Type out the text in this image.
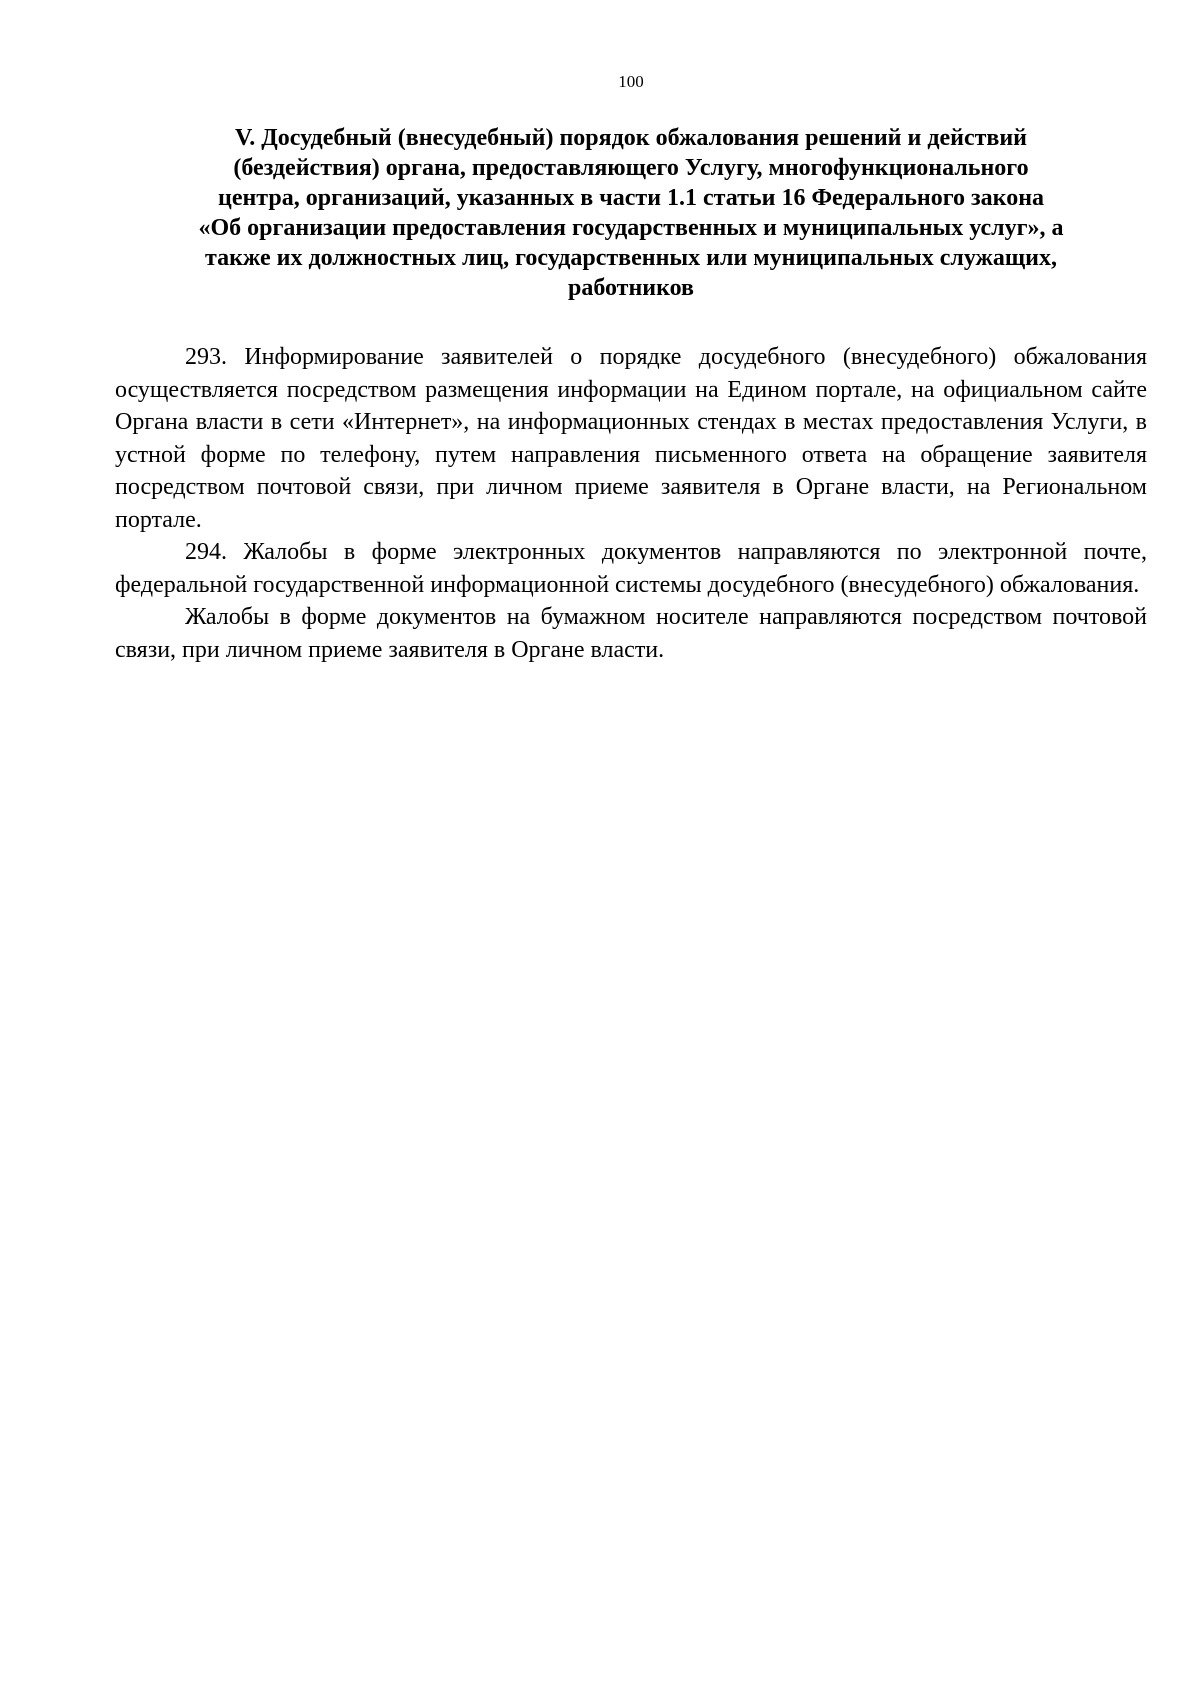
100
V. Досудебный (внесудебный) порядок обжалования решений и действий
(бездействия) органа, предоставляющего Услугу, многофункционального
центра, организаций, указанных в части 1.1 статьи 16 Федерального закона
«Об организации предоставления государственных и муниципальных услуг», а
также их должностных лиц, государственных или муниципальных служащих,
работников

293. Информирование заявителей о порядке досудебного (внесудебного) обжалования осуществляется посредством размещения информации на Едином портале, на официальном сайте Органа власти в сети «Интернет», на информационных стендах в местах предоставления Услуги, в устной форме по телефону, путем направления письменного ответа на обращение заявителя посредством почтовой связи, при личном приеме заявителя в Органе власти, на Региональном портале.

294. Жалобы в форме электронных документов направляются по электронной почте, федеральной государственной информационной системы досудебного (внесудебного) обжалования.

Жалобы в форме документов на бумажном носителе направляются посредством почтовой связи, при личном приеме заявителя в Органе власти.
